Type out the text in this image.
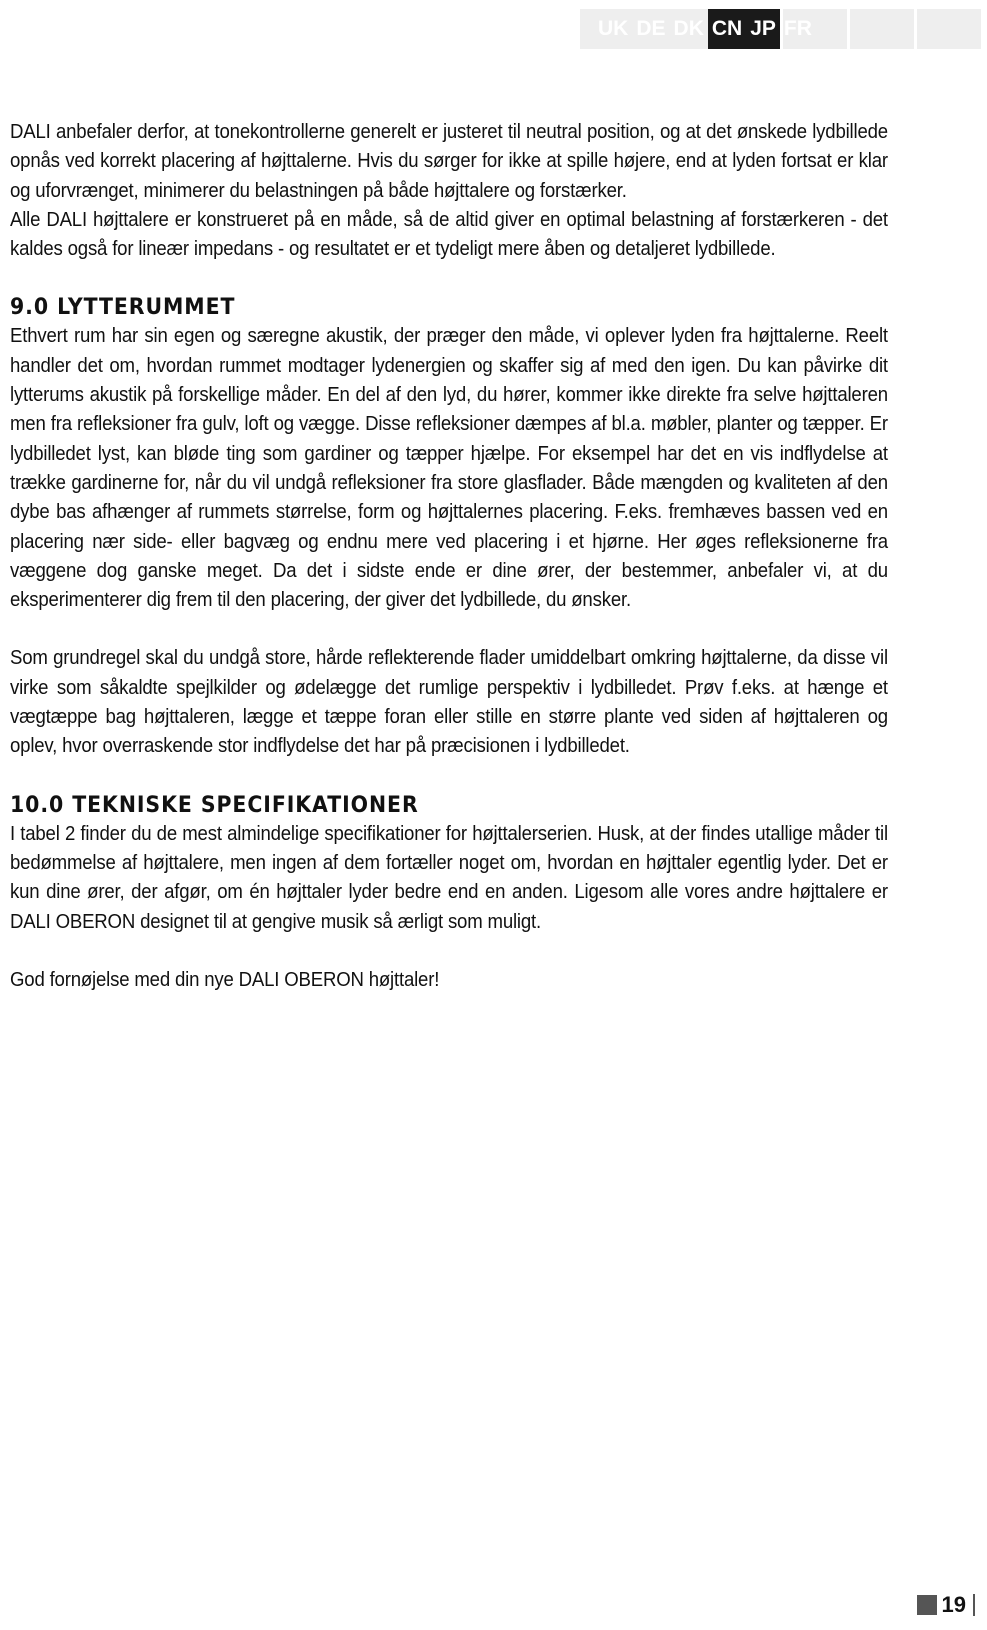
UK DE DK CN JP FR

DALI anbefaler derfor, at tonekontrollerne generelt er justeret til neutral position, og at det ønskede lydbillede opnås ved korrekt placering af højttalerne. Hvis du sørger for ikke at spille højere, end at lyden fortsat er klar og uforvrænget, minimerer du belastningen på både højttalere og forstærker.

Alle DALI højttalere er konstrueret på en måde, så de altid giver en optimal belastning af forstærkeren - det kaldes også for lineær impedans - og resultatet er et tydeligt mere åben og detaljeret lydbillede.

9.0 LYTTERUMMET

Ethvert rum har sin egen og særegne akustik, der præger den måde, vi oplever lyden fra højttalerne. Reelt handler det om, hvordan rummet modtager lydenergien og skaffer sig af med den igen. Du kan påvirke dit lytterums akustik på forskellige måder. En del af den lyd, du hører, kommer ikke direkte fra selve højttaleren men fra refleksioner fra gulv, loft og vægge. Disse refleksioner dæmpes af bl.a. møbler, planter og tæpper. Er lydbilledet lyst, kan bløde ting som gardiner og tæpper hjælpe. For eksempel har det en vis indflydelse at trække gardinerne for, når du vil undgå refleksioner fra store glasflader. Både mængden og kvaliteten af den dybe bas afhænger af rummets størrelse, form og højttalernes placering. F.eks. fremhæves bassen ved en placering nær side- eller bagvæg og endnu mere ved placering i et hjørne. Her øges refleksionerne fra væggene dog ganske meget. Da det i sidste ende er dine ører, der bestemmer, anbefaler vi, at du eksperimenterer dig frem til den placering, der giver det lydbillede, du ønsker.

Som grundregel skal du undgå store, hårde reflekterende flader umiddelbart omkring højttalerne, da disse vil virke som såkaldte spejlkilder og ødelægge det rumlige perspektiv i lydbilledet. Prøv f.eks. at hænge et vægtæppe bag højttaleren, lægge et tæppe foran eller stille en større plante ved siden af højttaleren og oplev, hvor overraskende stor indflydelse det har på præcisionen i lydbilledet.

10.0 TEKNISKE SPECIFIKATIONER

I tabel 2 finder du de mest almindelige specifikationer for højttalerserien. Husk, at der findes utallige måder til bedømmelse af højttalere, men ingen af dem fortæller noget om, hvordan en højttaler egentlig lyder. Det er kun dine ører, der afgør, om én højttaler lyder bedre end en anden. Ligesom alle vores andre højttalere er DALI OBERON designet til at gengive musik så ærligt som muligt.

God fornøjelse med din nye DALI OBERON højttaler!

19
